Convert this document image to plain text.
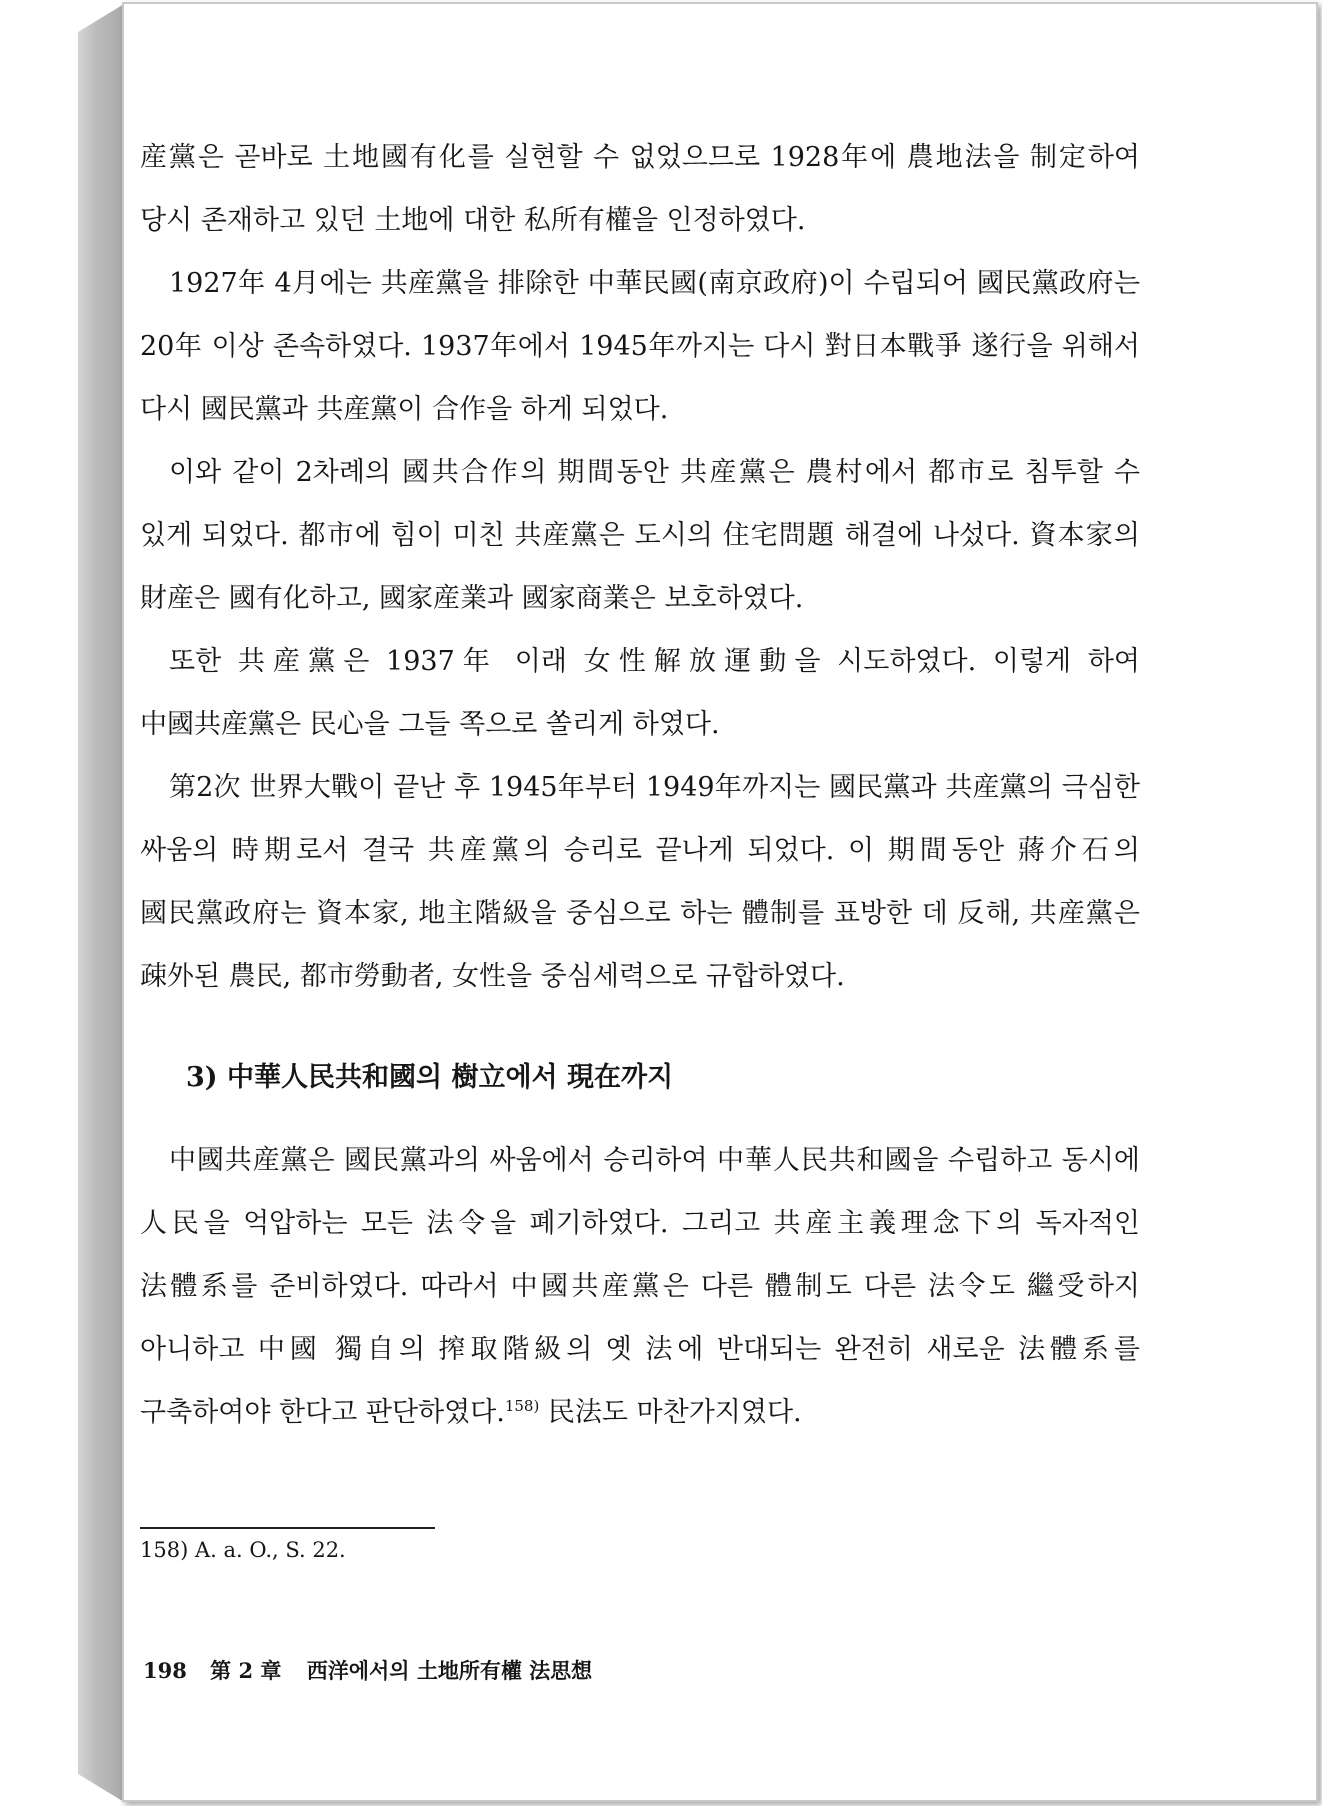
産黨은 곧바로 土地國有化를 실현할 수 없었으므로 1928年에 農地法을 制定하여 당시 존재하고 있던 土地에 대한 私所有權을 인정하였다.

1927年 4月에는 共産黨을 排除한 中華民國(南京政府)이 수립되어 國民黨政府는 20年 이상 존속하였다. 1937年에서 1945年까지는 다시 對日本戰爭 遂行을 위해서 다시 國民黨과 共産黨이 合作을 하게 되었다.

이와 같이 2차례의 國共合作의 期間동안 共産黨은 農村에서 都市로 침투할 수 있게 되었다. 都市에 힘이 미친 共産黨은 도시의 住宅問題 해결에 나섰다. 資本家의 財産은 國有化하고, 國家産業과 國家商業은 보호하였다.

또한 共産黨은 1937年 이래 女性解放運動을 시도하였다. 이렇게 하여 中國共産黨은 民心을 그들 쪽으로 쏠리게 하였다.

第2次 世界大戰이 끝난 후 1945年부터 1949年까지는 國民黨과 共産黨의 극심한 싸움의 時期로서 결국 共産黨의 승리로 끝나게 되었다. 이 期間동안 蔣介石의 國民黨政府는 資本家, 地主階級을 중심으로 하는 體制를 표방한 데 反해, 共産黨은 疎外된 農民, 都市勞動者, 女性을 중심세력으로 규합하였다.

3) 中華人民共和國의 樹立에서 現在까지

中國共産黨은 國民黨과의 싸움에서 승리하여 中華人民共和國을 수립하고 동시에 人民을 억압하는 모든 法令을 폐기하였다. 그리고 共産主義理念下의 독자적인 法體系를 준비하였다. 따라서 中國共産黨은 다른 體制도 다른 法令도 繼受하지 아니하고 中國 獨自의 搾取階級의 옛 法에 반대되는 완전히 새로운 法體系를 구축하여야 한다고 판단하였다.$^{158)}$ 民法도 마찬가지였다.

158) A. a. O., S. 22.
198 第 2 章 西洋에서의 土地所有權 法思想
